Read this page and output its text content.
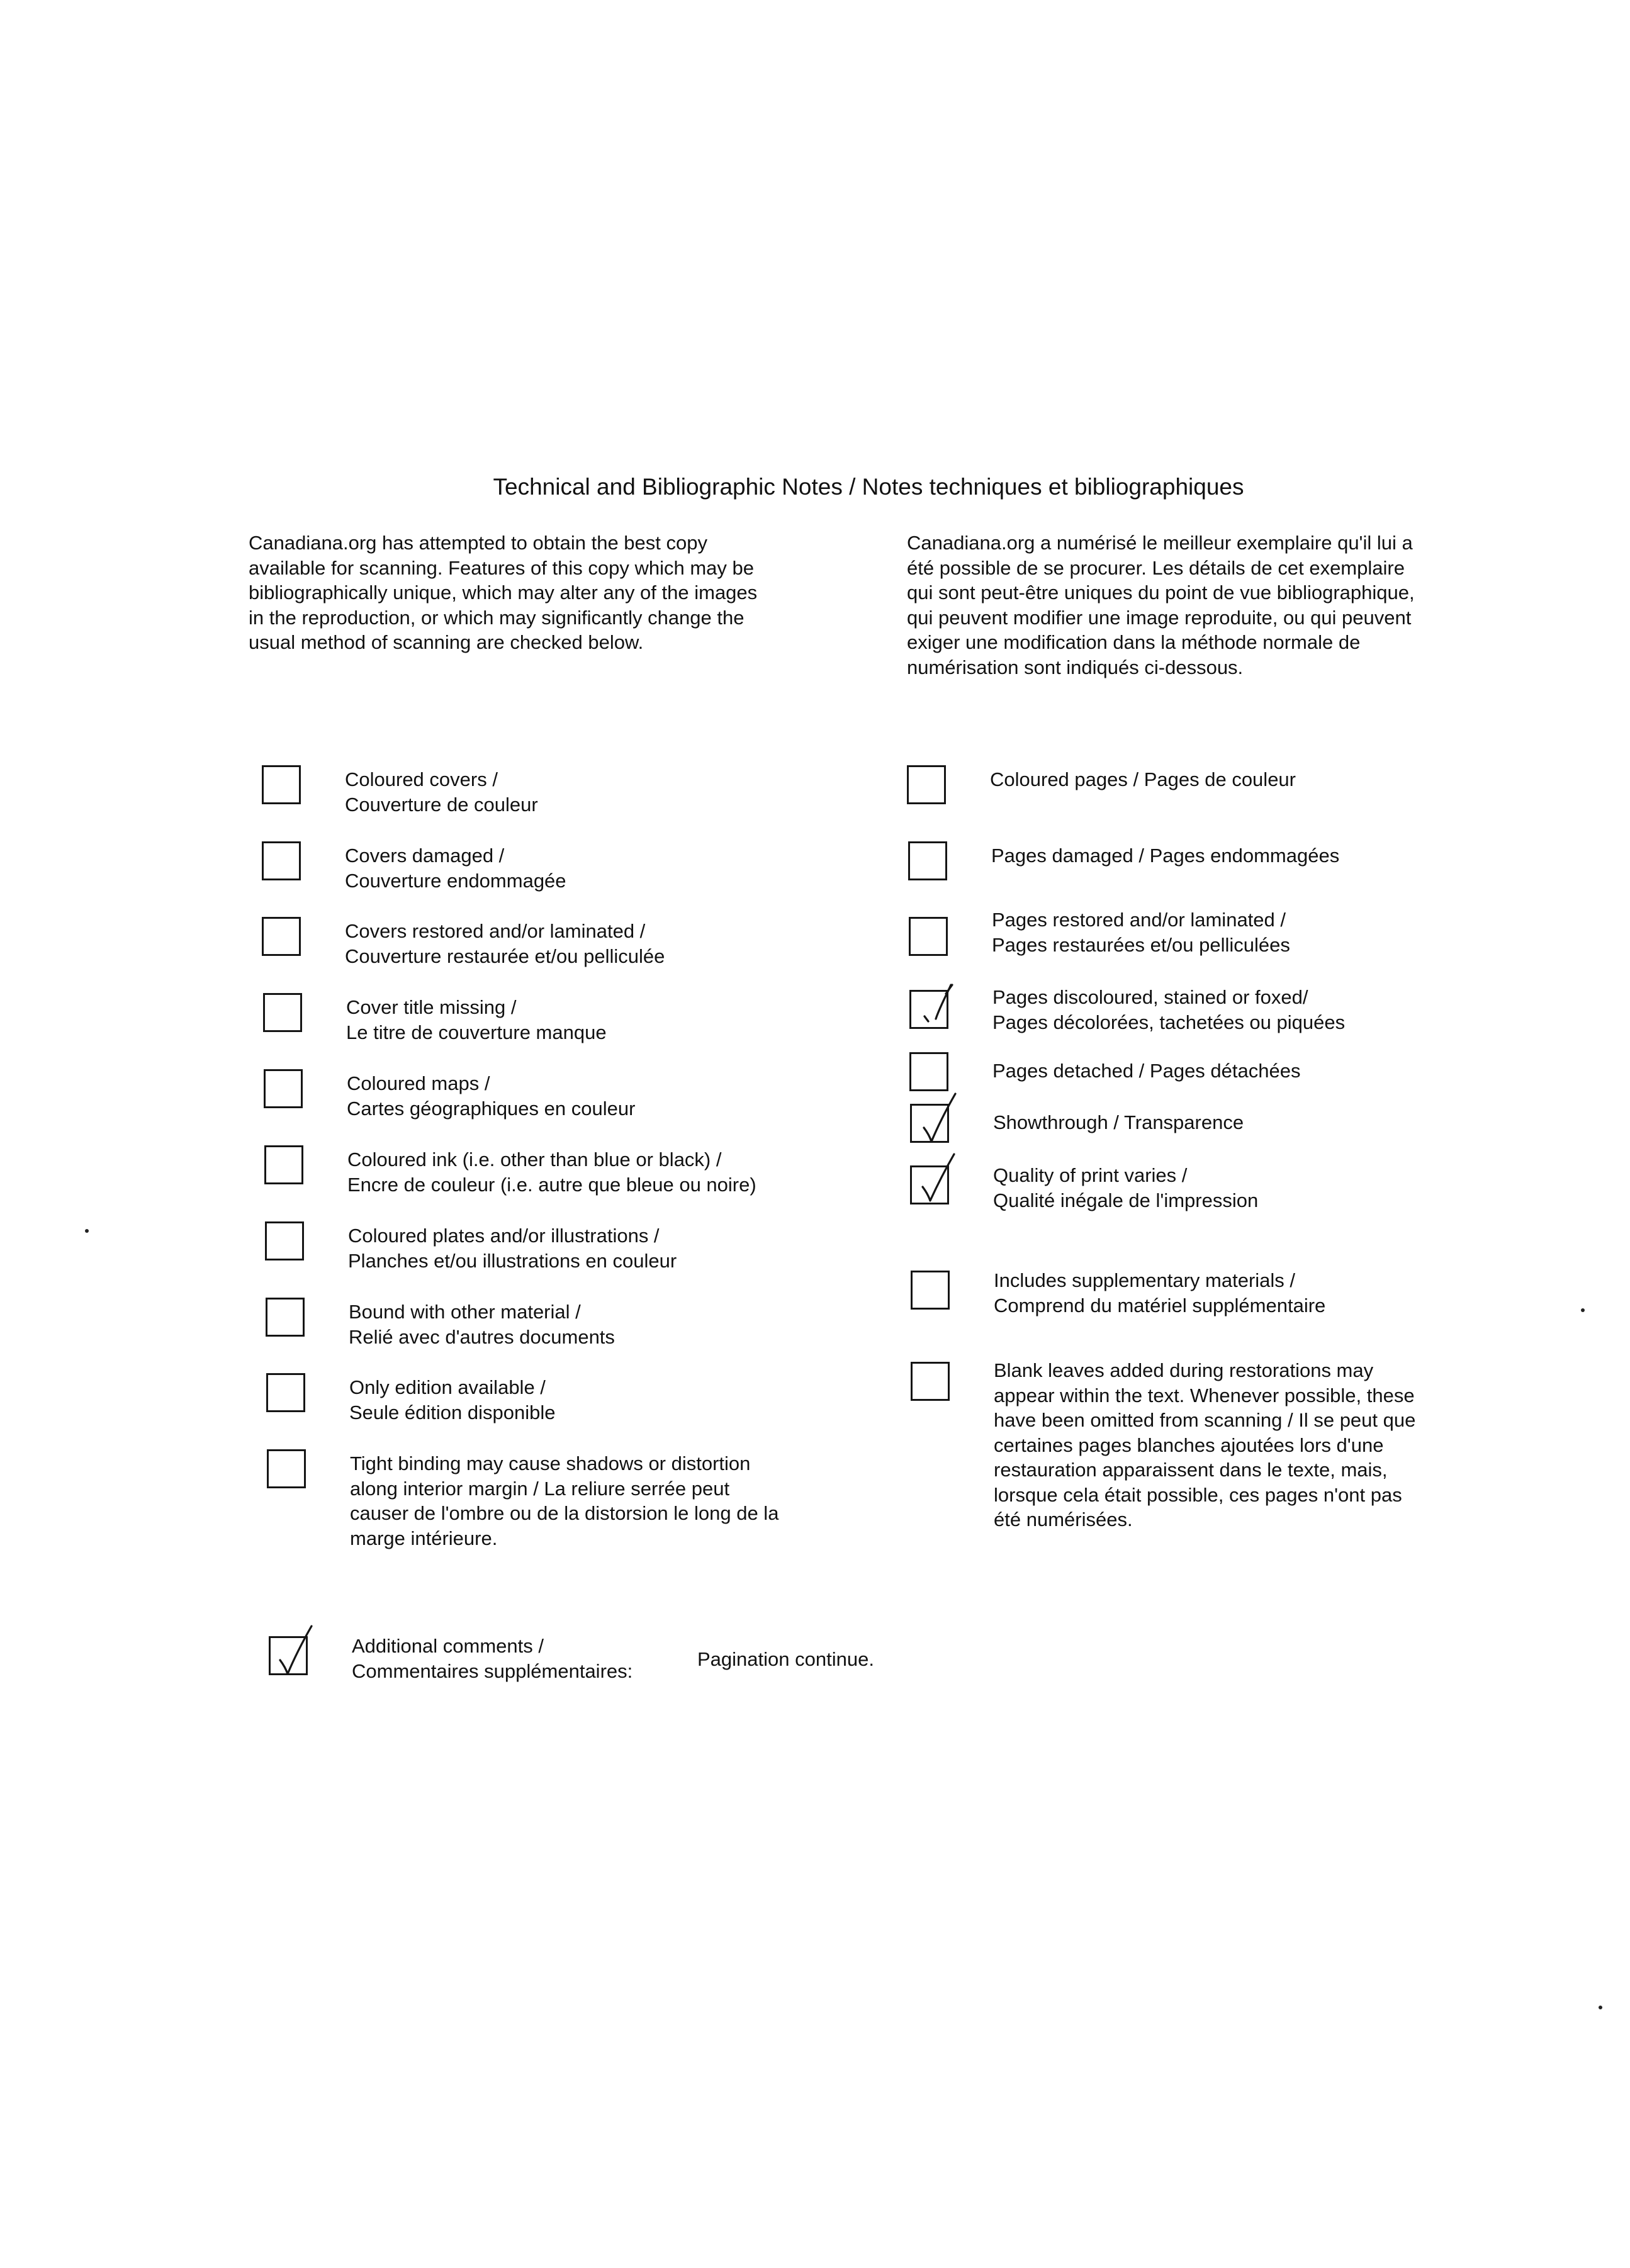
Technical and Bibliographic Notes / Notes techniques et bibliographiques
Canadiana.org has attempted to obtain the best copy
available for scanning. Features of this copy which may be
bibliographically unique, which may alter any of the images
in the reproduction, or which may significantly change the
usual method of scanning are checked below.
Canadiana.org a numérisé le meilleur exemplaire qu'il lui a
été possible de se procurer. Les détails de cet exemplaire
qui sont peut-être uniques du point de vue bibliographique,
qui peuvent modifier une image reproduite, ou qui peuvent
exiger une modification dans la méthode normale de
numérisation sont indiqués ci-dessous.
Coloured covers /
Couverture de couleur
Covers damaged /
Couverture endommagée
Covers restored and/or laminated /
Couverture restaurée et/ou pelliculée
Cover title missing /
Le titre de couverture manque
Coloured maps /
Cartes géographiques en couleur
Coloured ink (i.e. other than blue or black) /
Encre de couleur (i.e. autre que bleue ou noire)
Coloured plates and/or illustrations /
Planches et/ou illustrations en couleur
Bound with other material /
Relié avec d'autres documents
Only edition available /
Seule édition disponible
Tight binding may cause shadows or distortion
along interior margin / La reliure serrée peut
causer de l'ombre ou de la distorsion le long de la
marge intérieure.
Coloured pages / Pages de couleur
Pages damaged / Pages endommagées
Pages restored and/or laminated /
Pages restaurées et/ou pelliculées
Pages discoloured, stained or foxed/
Pages décolorées, tachetées ou piquées
Pages detached / Pages détachées
Showthrough / Transparence
Quality of print varies /
Qualité inégale de l'impression
Includes supplementary materials /
Comprend du matériel supplémentaire
Blank leaves added during restorations may
appear within the text. Whenever possible, these
have been omitted from scanning / Il se peut que
certaines pages blanches ajoutées lors d'une
restauration apparaissent dans le texte, mais,
lorsque cela était possible, ces pages n'ont pas
été numérisées.
Additional comments /
Commentaires supplémentaires:
Pagination continue.
